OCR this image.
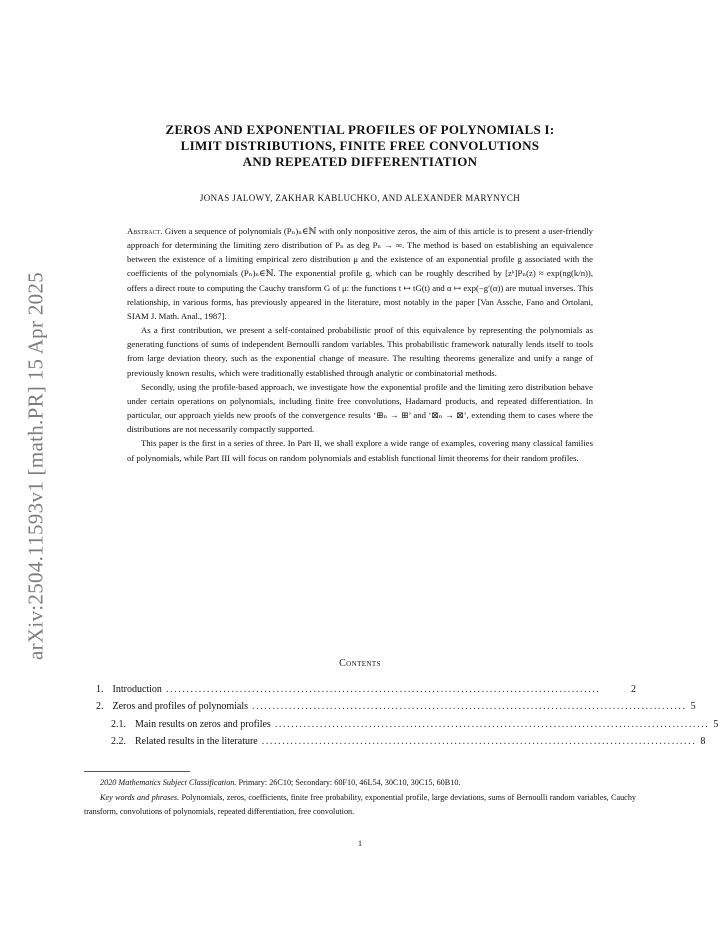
arXiv:2504.11593v1 [math.PR] 15 Apr 2025
ZEROS AND EXPONENTIAL PROFILES OF POLYNOMIALS I:
LIMIT DISTRIBUTIONS, FINITE FREE CONVOLUTIONS
AND REPEATED DIFFERENTIATION
JONAS JALOWY, ZAKHAR KABLUCHKO, AND ALEXANDER MARYNYCH

Abstract. Given a sequence of polynomials (Pₙ)ₙ∈ℕ with only nonpositive zeros, the aim of this article is to present a user-friendly approach for determining the limiting zero distribution of Pₙ as deg Pₙ → ∞. The method is based on establishing an equivalence between the existence of a limiting empirical zero distribution μ and the existence of an exponential profile g associated with the coefficients of the polynomials (Pₙ)ₙ∈ℕ. The exponential profile g, which can be roughly described by [zᵏ]Pₙ(z) ≈ exp(ng(k/n)), offers a direct route to computing the Cauchy transform G of μ: the functions t ↦ tG(t) and α ↦ exp(−g′(α)) are mutual inverses. This relationship, in various forms, has previously appeared in the literature, most notably in the paper [Van Assche, Fano and Ortolani, SIAM J. Math. Anal., 1987].

As a first contribution, we present a self-contained probabilistic proof of this equivalence by representing the polynomials as generating functions of sums of independent Bernoulli random variables. This probabilistic framework naturally lends itself to tools from large deviation theory, such as the exponential change of measure. The resulting theorems generalize and unify a range of previously known results, which were traditionally established through analytic or combinatorial methods.

Secondly, using the profile-based approach, we investigate how the exponential profile and the limiting zero distribution behave under certain operations on polynomials, including finite free convolutions, Hadamard products, and repeated differentiation. In particular, our approach yields new proofs of the convergence results ‘⊞ₙ → ⊞’ and ‘⊠ₙ → ⊠’, extending them to cases where the distributions are not necessarily compactly supported.

This paper is the first in a series of three. In Part II, we shall explore a wide range of examples, covering many classical families of polynomials, while Part III will focus on random polynomials and establish functional limit theorems for their random profiles.

Contents
1. Introduction ..........................................................................................................	2
2. Zeros and profiles of polynomials .......................................................................................................... 5
2.1. Main results on zeros and profiles .......................................................................................................... 5
2.2. Related results in the literature .......................................................................................................... 8

2020 Mathematics Subject Classification. Primary: 26C10; Secondary: 60F10, 46L54, 30C10, 30C15, 60B10.

Key words and phrases. Polynomials, zeros, coefficients, finite free probability, exponential profile, large deviations, sums of Bernoulli random variables, Cauchy transform, convolutions of polynomials, repeated differentiation, free convolution.

1
